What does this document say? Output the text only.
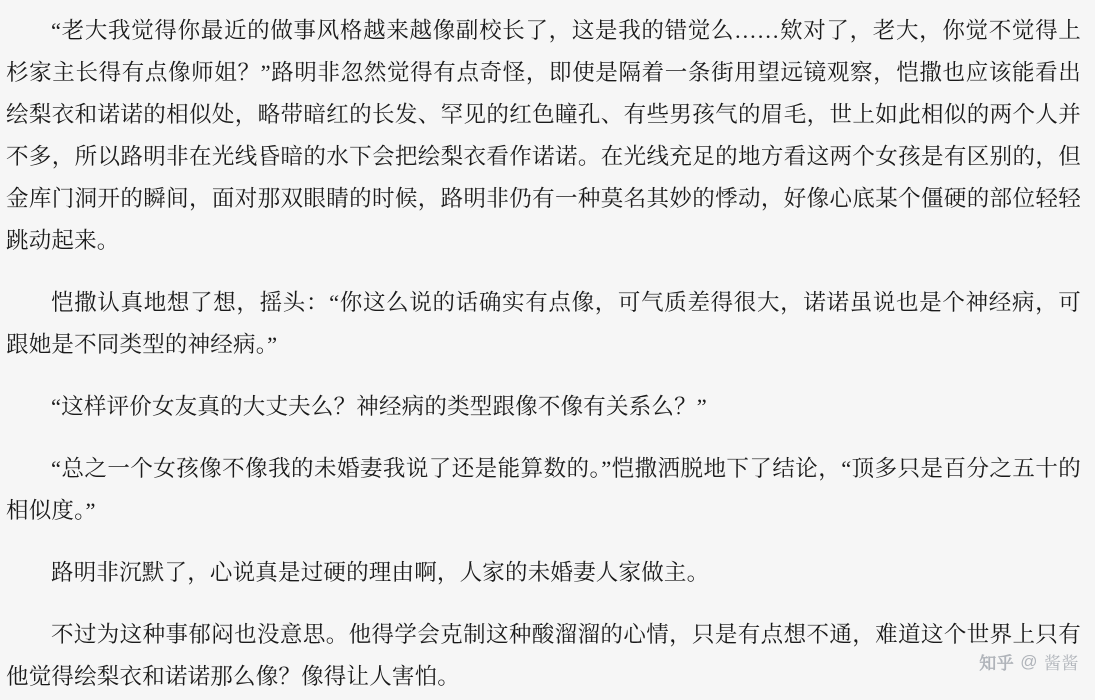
“老大我觉得你最近的做事风格越来越像副校长了，这是我的错觉么……欸对了，老大，你觉不觉得上杉家主长得有点像师姐？”路明非忽然觉得有点奇怪，即使是隔着一条街用望远镜观察，恺撒也应该能看出绘梨衣和诺诺的相似处，略带暗红的长发、罕见的红色瞳孔、有些男孩气的眉毛，世上如此相似的两个人并不多，所以路明非在光线昏暗的水下会把绘梨衣看作诺诺。在光线充足的地方看这两个女孩是有区别的，但金库门洞开的瞬间，面对那双眼睛的时候，路明非仍有一种莫名其妙的悸动，好像心底某个僵硬的部位轻轻跳动起来。

恺撒认真地想了想，摇头：“你这么说的话确实有点像，可气质差得很大，诺诺虽说也是个神经病，可跟她是不同类型的神经病。”

“这样评价女友真的大丈夫么？神经病的类型跟像不像有关系么？”

“总之一个女孩像不像我的未婚妻我说了还是能算数的。”恺撒洒脱地下了结论，“顶多只是百分之五十的相似度。”

路明非沉默了，心说真是过硬的理由啊，人家的未婚妻人家做主。

不过为这种事郁闷也没意思。他得学会克制这种酸溜溜的心情，只是有点想不通，难道这个世界上只有他觉得绘梨衣和诺诺那么像？像得让人害怕。

知乎 @ 酱酱
